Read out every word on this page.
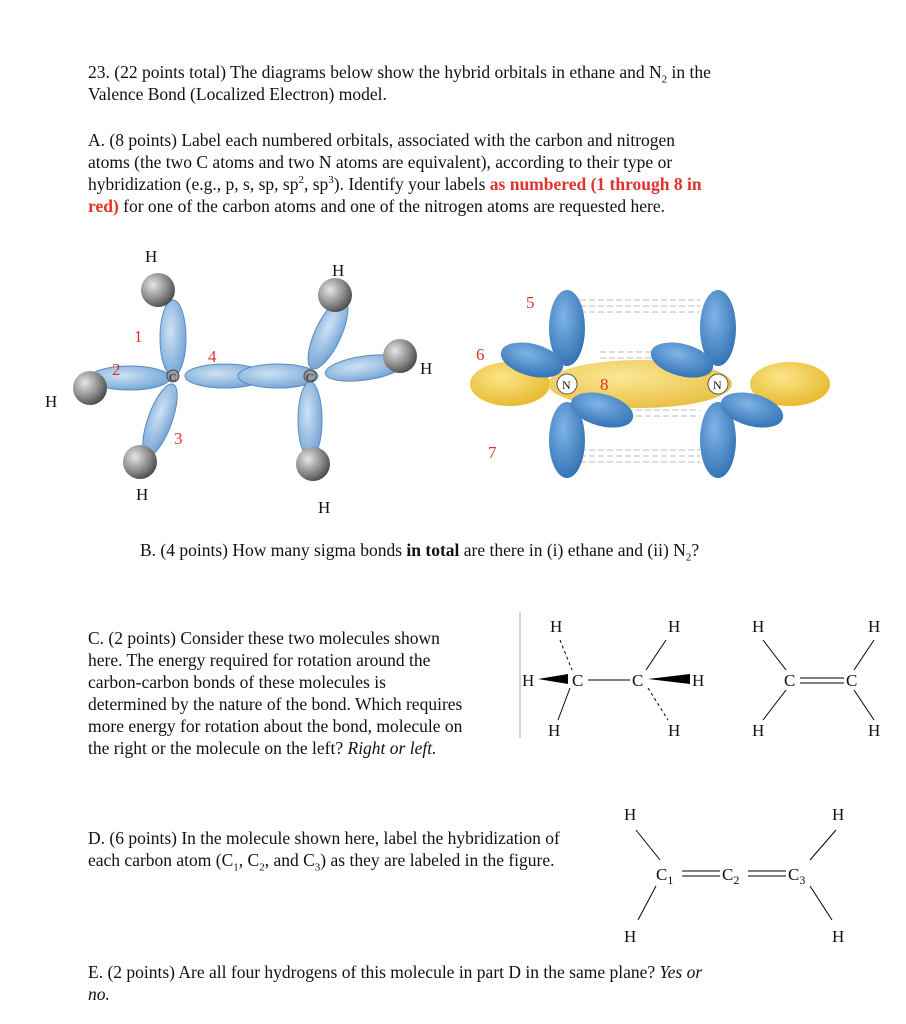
23. (22 points total) The diagrams below show the hybrid orbitals in ethane and $N_2$ in the
Valence Bond (Localized Electron) model.
A. (8 points) Label each numbered orbitals, associated with the carbon and nitrogen
atoms (the two C atoms and two N atoms are equivalent), according to their type or
hybridization (e.g., p, s, sp, $sp^2$, $sp^3$). Identify your labels as numbered (1 through 8 in
red) for one of the carbon atoms and one of the nitrogen atoms are requested here.
C	C
H
H
H
H
H
H
1
2
3
4
N	N
5
6
7
8
B. (4 points) How many sigma bonds in total are there in (i) ethane and (ii) $N_2$?
C. (2 points) Consider these two molecules shown
here. The energy required for rotation around the
carbon-carbon bonds of these molecules is
determined by the nature of the bond. Which requires
more energy for rotation about the bond, molecule on
the right or the molecule on the left? Right or left.
H
H
H
C	C	H
H
H
H	H
H	H
C	C
D. (6 points) In the molecule shown here, label the hybridization of
each carbon atom ($C_1$, $C_2$, and $C_3$) as they are labeled in the figure.
H
H
H
H
$C_1$	$C_2$	$C_3$
E. (2 points) Are all four hydrogens of this molecule in part D in the same plane? Yes or
no.
